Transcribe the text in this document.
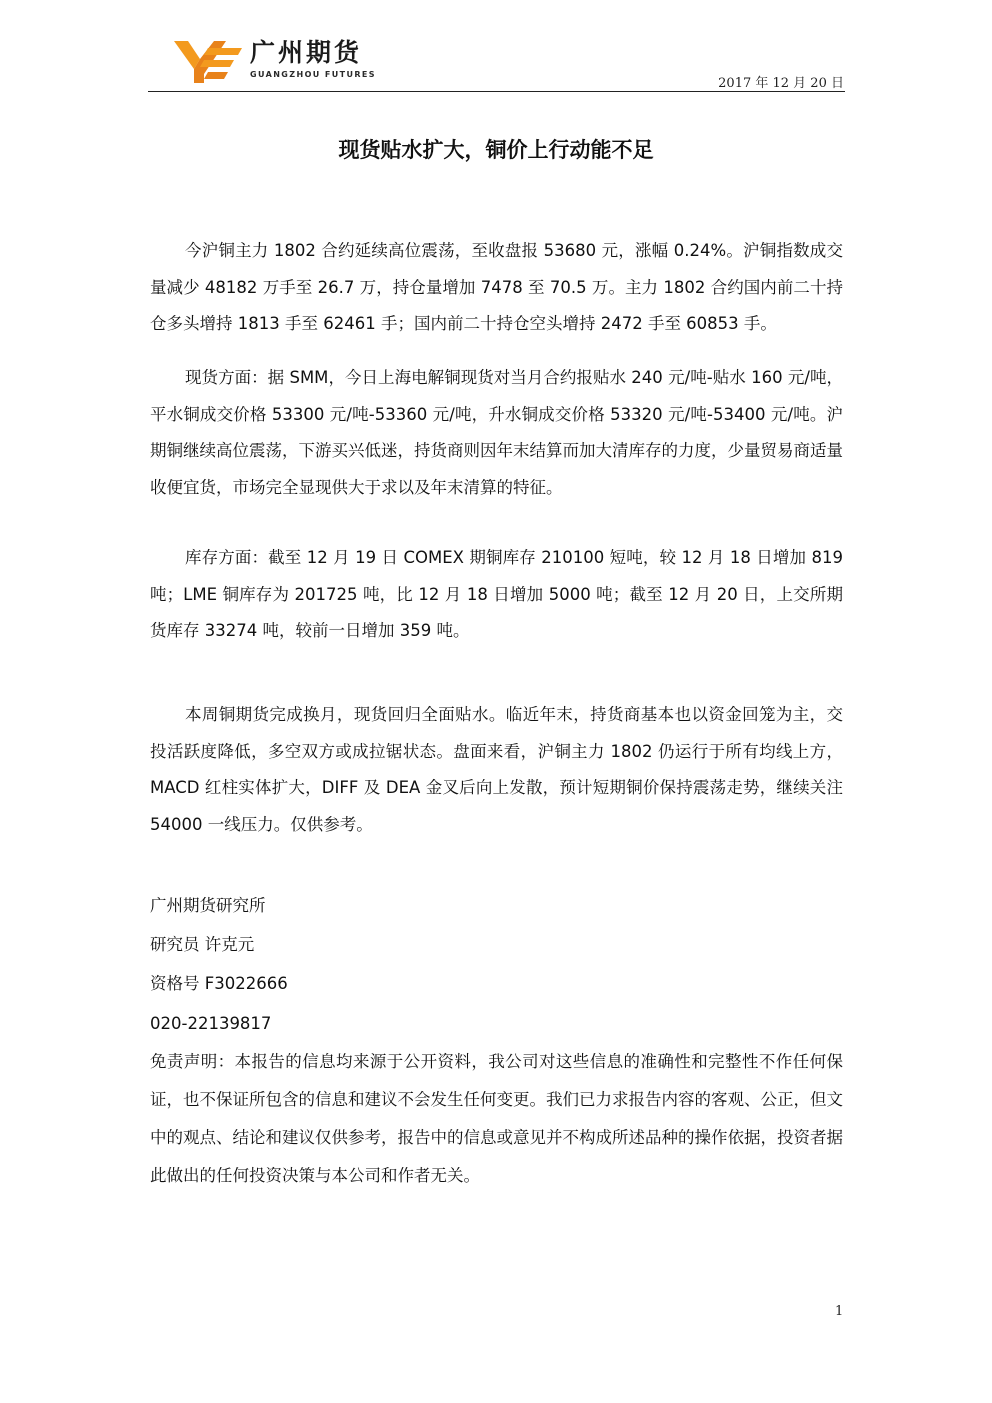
广州期货
GUANGZHOU FUTURES
2017 年 12 月 20 日
现货贴水扩大，铜价上行动能不足

今沪铜主力 1802 合约延续高位震荡，至收盘报 53680 元，涨幅 0.24%。沪铜指数成交量减少 48182 万手至 26.7 万，持仓量增加 7478 至 70.5 万。主力 1802 合约国内前二十持仓多头增持 1813 手至 62461 手；国内前二十持仓空头增持 2472 手至 60853 手。

现货方面：据 SMM，今日上海电解铜现货对当月合约报贴水 240 元/吨-贴水 160 元/吨，平水铜成交价格 53300 元/吨-53360 元/吨，升水铜成交价格 53320 元/吨-53400 元/吨。沪期铜继续高位震荡，下游买兴低迷，持货商则因年末结算而加大清库存的力度，少量贸易商适量收便宜货，市场完全显现供大于求以及年末清算的特征。

库存方面：截至 12 月 19 日 COMEX 期铜库存 210100 短吨，较 12 月 18 日增加 819 吨；LME 铜库存为 201725 吨，比 12 月 18 日增加 5000 吨；截至 12 月 20 日，上交所期货库存 33274 吨，较前一日增加 359 吨。

本周铜期货完成换月，现货回归全面贴水。临近年末，持货商基本也以资金回笼为主，交投活跃度降低，多空双方或成拉锯状态。盘面来看，沪铜主力 1802 仍运行于所有均线上方，MACD 红柱实体扩大，DIFF 及 DEA 金叉后向上发散，预计短期铜价保持震荡走势，继续关注 54000 一线压力。仅供参考。

广州期货研究所

研究员 许克元

资格号 F3022666

020-22139817

免责声明：本报告的信息均来源于公开资料，我公司对这些信息的准确性和完整性不作任何保证，也不保证所包含的信息和建议不会发生任何变更。我们已力求报告内容的客观、公正，但文中的观点、结论和建议仅供参考，报告中的信息或意见并不构成所述品种的操作依据，投资者据此做出的任何投资决策与本公司和作者无关。

1
